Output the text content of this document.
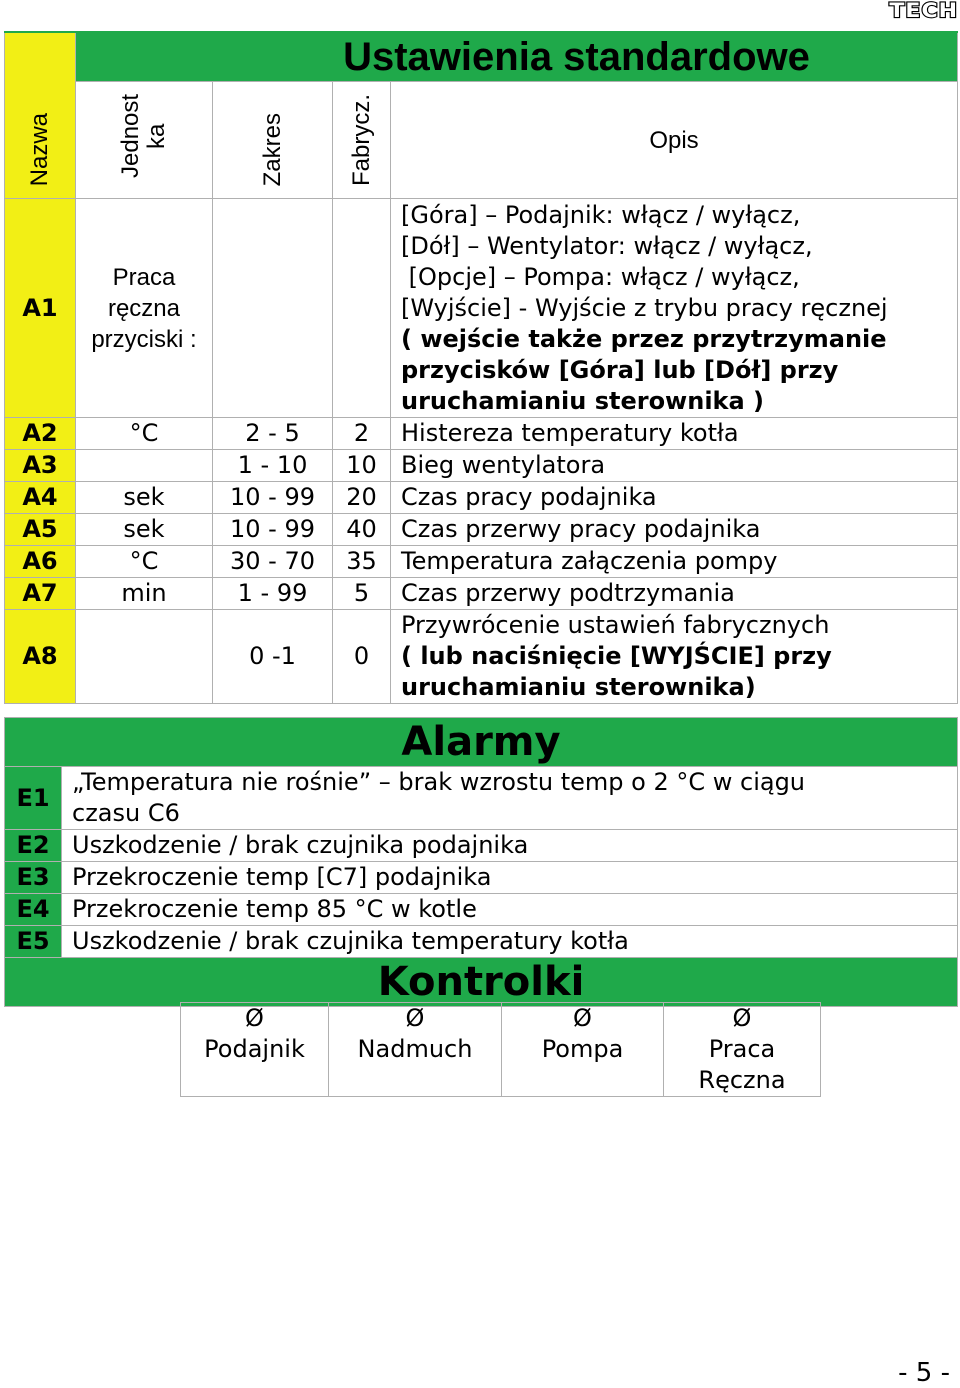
TECH
Nazwa	Ustawienia standardowe			
	Jednost ka	Zakres	Fabrycz.	Opis
A1	Praca ręczna przyciski :			[Góra] – Podajnik: włącz / wyłącz,
[Dół] – Wentylator: włącz / wyłącz,
[Opcje] – Pompa: włącz / wyłącz,
[Wyjście] - Wyjście z trybu pracy ręcznej
( wejście także przez przytrzymanie przycisków [Góra] lub [Dół] przy uruchamianiu sterownika )

A2	°C	2 - 5	2	Histereza temperatury kotła
A3		1 - 10	10	Bieg wentylatora
A4	sek	10 - 99	20	Czas pracy podajnika
A5	sek	10 - 99	40	Czas przerwy pracy podajnika
A6	°C	30 - 70	35	Temperatura załączenia pompy
A7	min	1 - 99	5	Czas przerwy podtrzymania
A8		0 -1	0	Przywrócenie ustawień fabrycznych
( lub naciśnięcie [WYJŚCIE] przy uruchamianiu sterownika)
Alarmy	
E1	„Temperatura nie rośnie” – brak wzrostu temp o 2 °C w ciągu czasu C6
E2	Uszkodzenie / brak czujnika podajnika
E3	Przekroczenie temp [C7] podajnika
E4	Przekroczenie temp 85 °C w kotle
E5	Uszkodzenie / brak czujnika temperatury kotła
Kontrolki	
Ø	Ø	Ø	Ø
Podajnik	Nadmuch	Pompa	Praca Ręczna
- 5 -
